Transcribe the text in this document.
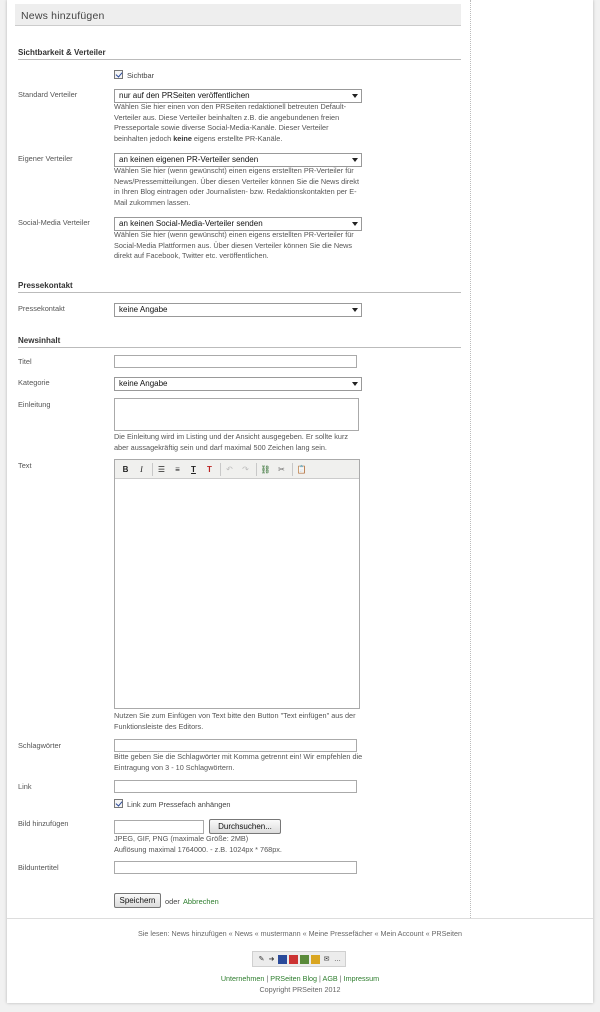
News hinzufügen
Sichtbarkeit & Verteiler
Sichtbar
Standard Verteiler	nur auf den PRSeiten veröffentlichen
Wählen Sie hier einen von den PRSeiten redaktionell betreuten Default-Verteiler aus. Diese Verteiler beinhalten z.B. die angebundenen freien Presseportale sowie diverse Social-Media-Kanäle. Dieser Verteiler beinhalten jedoch keine eigens erstellte PR-Kanäle.
Eigener Verteiler	an keinen eigenen PR-Verteiler senden
Wählen Sie hier (wenn gewünscht) einen eigens erstellten PR-Verteiler für News/Pressemitteilungen. Über diesen Verteiler können Sie die News direkt in Ihren Blog eintragen oder Journalisten- bzw. Redaktionskontakten per E-Mail zukommen lassen.
Social-Media Verteiler	an keinen Social-Media-Verteiler senden
Wählen Sie hier (wenn gewünscht) einen eigens erstellten PR-Verteiler für Social-Media Plattformen aus. Über diesen Verteiler können Sie die News direkt auf Facebook, Twitter etc. veröffentlichen.
Pressekontakt
Pressekontakt	keine Angabe
Newsinhalt
Titel
Kategorie	keine Angabe
Einleitung
Die Einleitung wird im Listing und der Ansicht ausgegeben. Er sollte kurz aber aussagekräftig sein und darf maximal 500 Zeichen lang sein.
Text	B	I	☰	≡	T	T	↶	↷	⛓ ✂	📋
Nutzen Sie zum Einfügen von Text bitte den Button "Text einfügen" aus der Funktionsleiste des Editors.
Schlagwörter
Bitte geben Sie die Schlagwörter mit Komma getrennt ein! Wir empfehlen die Eintragung von 3 - 10 Schlagwörtern.
Link
Link zum Pressefach anhängen
Bild hinzufügen	Durchsuchen...
JPEG, GIF, PNG (maximale Größe: 2MB)
Auflösung maximal 1764000. - z.B. 1024px * 768px.
Bilduntertitel
Speichern	oder Abbrechen
Sie lesen: News hinzufügen « News « mustermann « Meine Pressefächer « Mein Account « PRSeiten
✎ ➜	✉ …
Unternehmen | PRSeiten Blog | AGB | Impressum
Copyright PRSeiten 2012
